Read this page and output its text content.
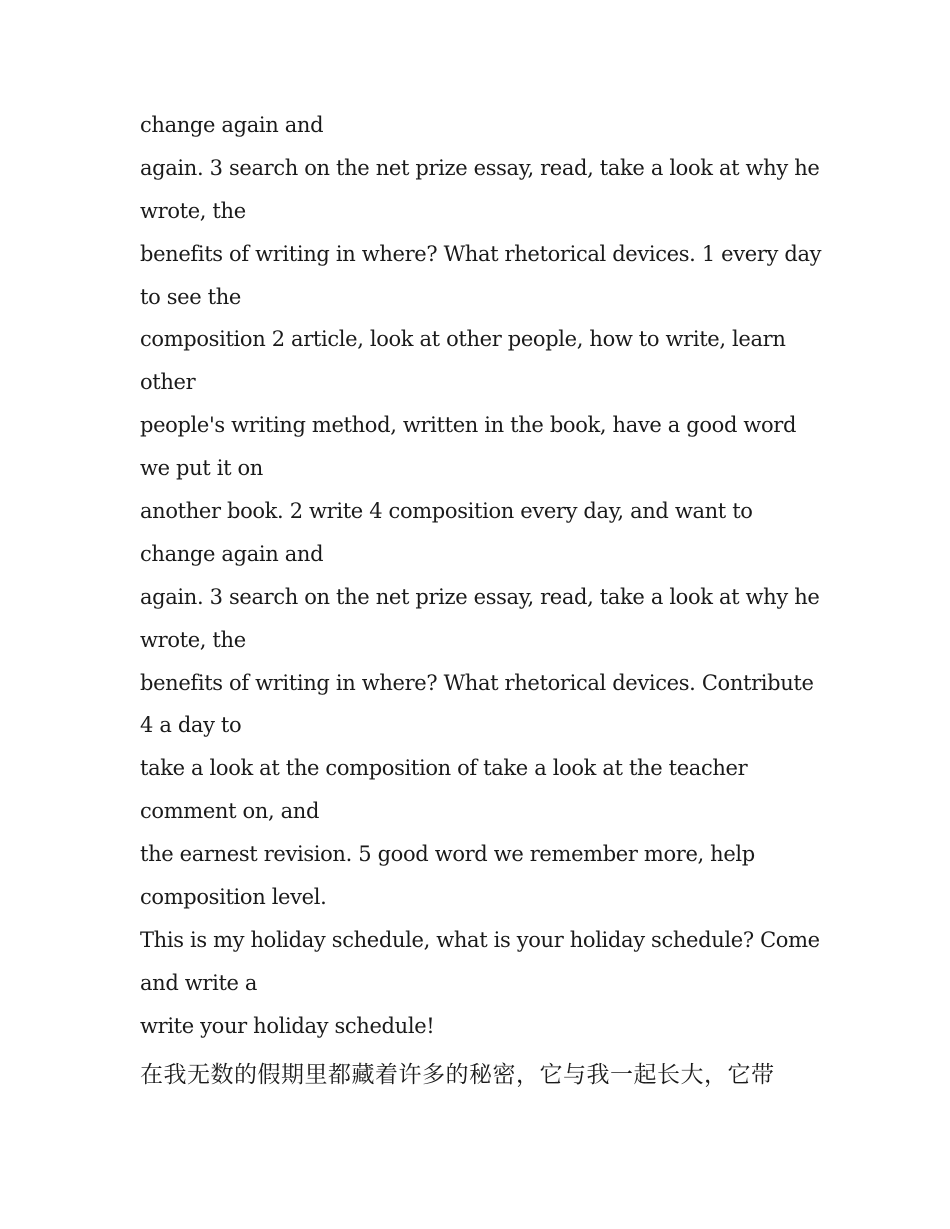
change again and
again. 3 search on the net prize essay, read, take a look at why he
wrote, the
benefits of writing in where? What rhetorical devices. 1 every day
to see the
composition 2 article, look at other people, how to write, learn
other
people's writing method, written in the book, have a good word
we put it on
another book. 2 write 4 composition every day, and want to
change again and
again. 3 search on the net prize essay, read, take a look at why he
wrote, the
benefits of writing in where? What rhetorical devices. Contribute
4 a day to
take a look at the composition of take a look at the teacher
comment on, and
the earnest revision. 5 good word we remember more, help
composition level.
This is my holiday schedule, what is your holiday schedule? Come
and write a
write your holiday schedule!
在我无数的假期里都藏着许多的秘密，它与我一起长大，它带
